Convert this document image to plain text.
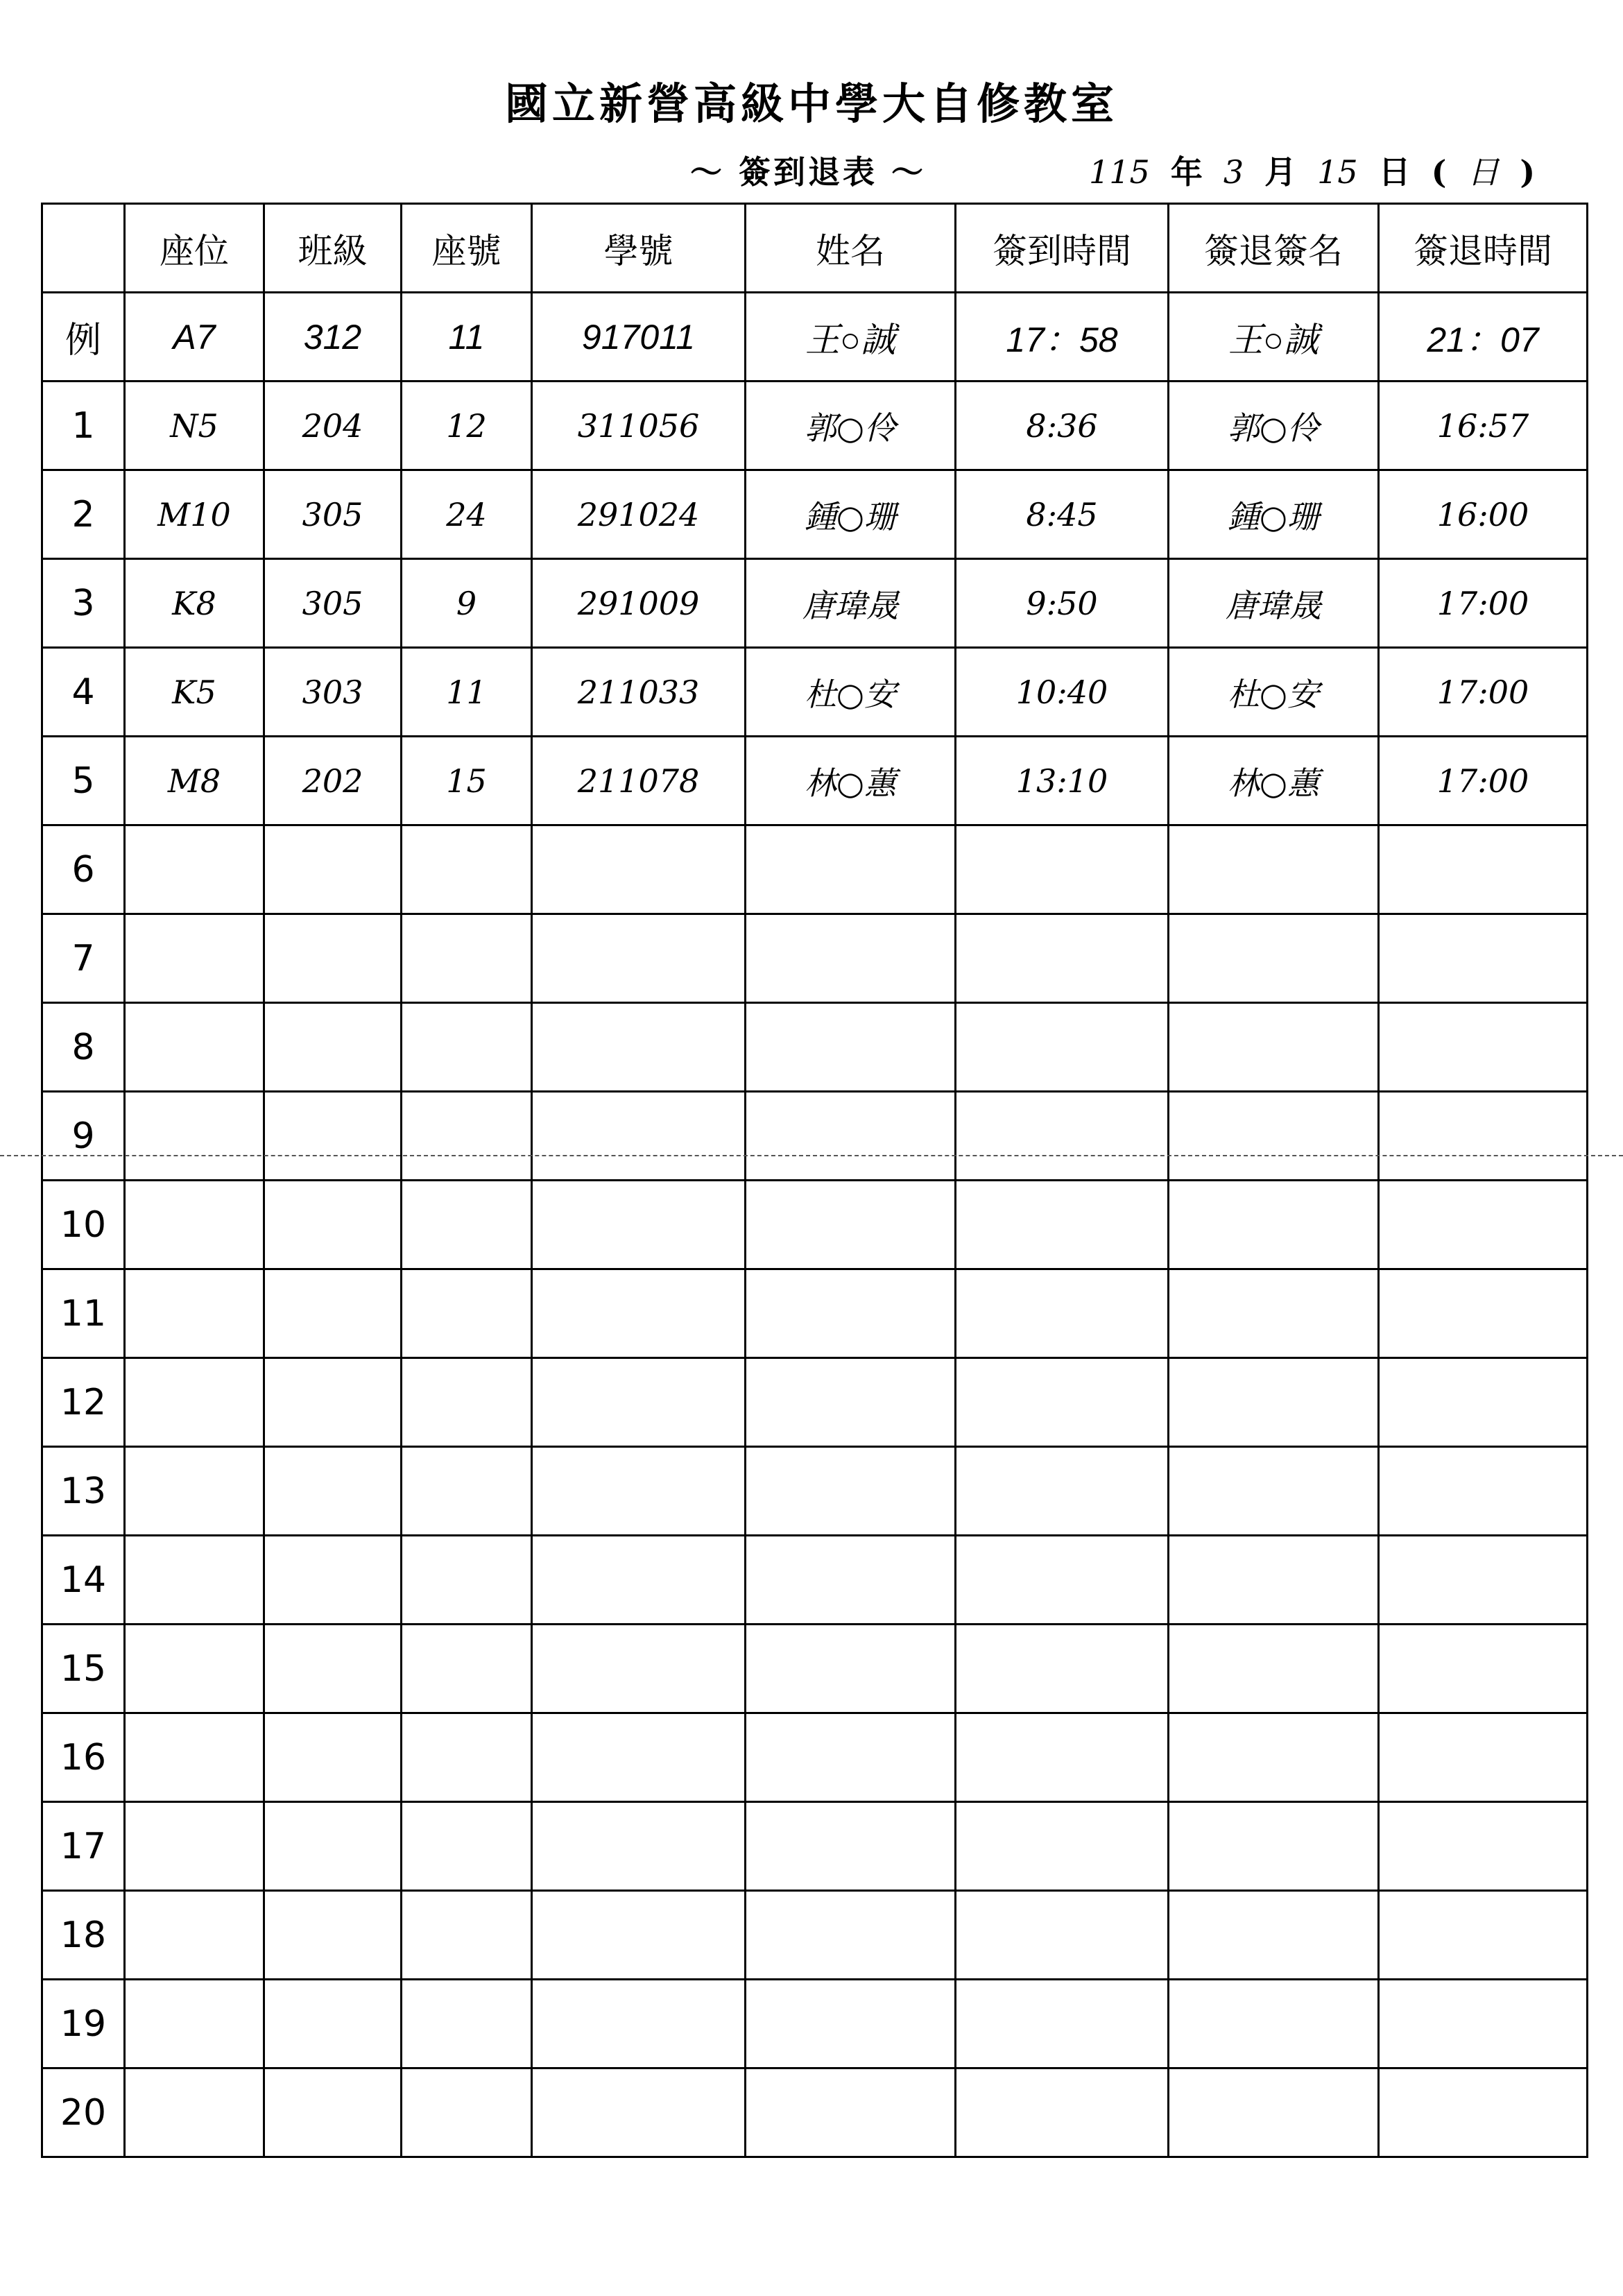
國立新營高級中學大自修教室
～ 簽到退表 ～	115 年 3 月 15 日 ( 日 )
	座位	班級	座號	學號	姓名	簽到時間	簽退簽名	簽退時間
例	A7	312	11	917011	王○誠	17：58	王○誠	21：07
1	N5	204	12	311056	郭○伶	8:36	郭○伶	16:57
2	M10	305	24	291024	鍾○珊	8:45	鍾○珊	16:00
3	K8	305	9	291009	唐瑋晟	9:50	唐瑋晟	17:00
4	K5	303	11	211033	杜○安	10:40	杜○安	17:00
5	M8	202	15	211078	林○蕙	13:10	林○蕙	17:00
6								
7								
8								
9								
10								
11								
12								
13								
14								
15								
16								
17								
18								
19								
20								
